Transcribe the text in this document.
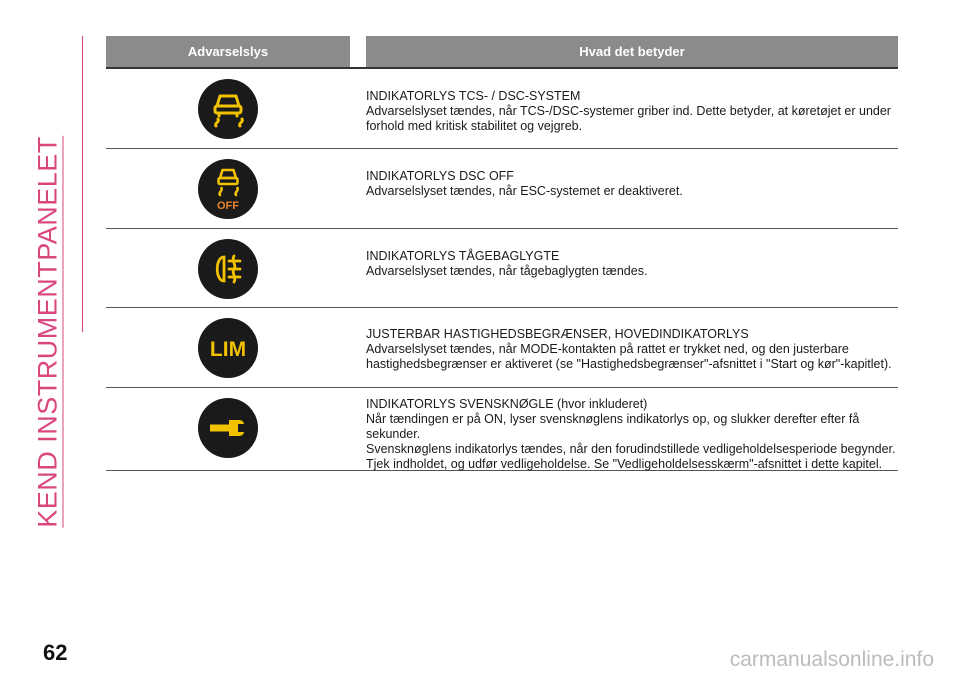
KEND INSTRUMENTPANELET
Advarselslys	Hvad det betyder

INDIKATORLYS TCS- / DSC-SYSTEM

Advarselslyset tændes, når TCS-/DSC-systemer griber ind. Dette betyder, at køretøjet er under forhold med kritisk stabilitet og vejgreb.

OFF

INDIKATORLYS DSC OFF

Advarselslyset tændes, når ESC-systemet er deaktiveret.

INDIKATORLYS TÅGEBAGLYGTE

Advarselslyset tændes, når tågebaglygten tændes.

LIM

JUSTERBAR HASTIGHEDSBEGRÆNSER, HOVEDINDIKATORLYS

Advarselslyset tændes, når MODE-kontakten på rattet er trykket ned, og den justerbare hastighedsbegrænser er aktiveret (se "Hastighedsbegrænser"-afsnittet i "Start og kør"-kapitlet).

INDIKATORLYS SVENSKNØGLE (hvor inkluderet)

Når tændingen er på ON, lyser svensknøglens indikatorlys op, og slukker derefter efter få sekunder.

Svensknøglens indikatorlys tændes, når den forudindstillede vedligeholdelsesperiode begynder. Tjek indholdet, og udfør vedligeholdelse. Se "Vedligeholdelsesskærm"-afsnittet i dette kapitel.

62	carmanualsonline.info
